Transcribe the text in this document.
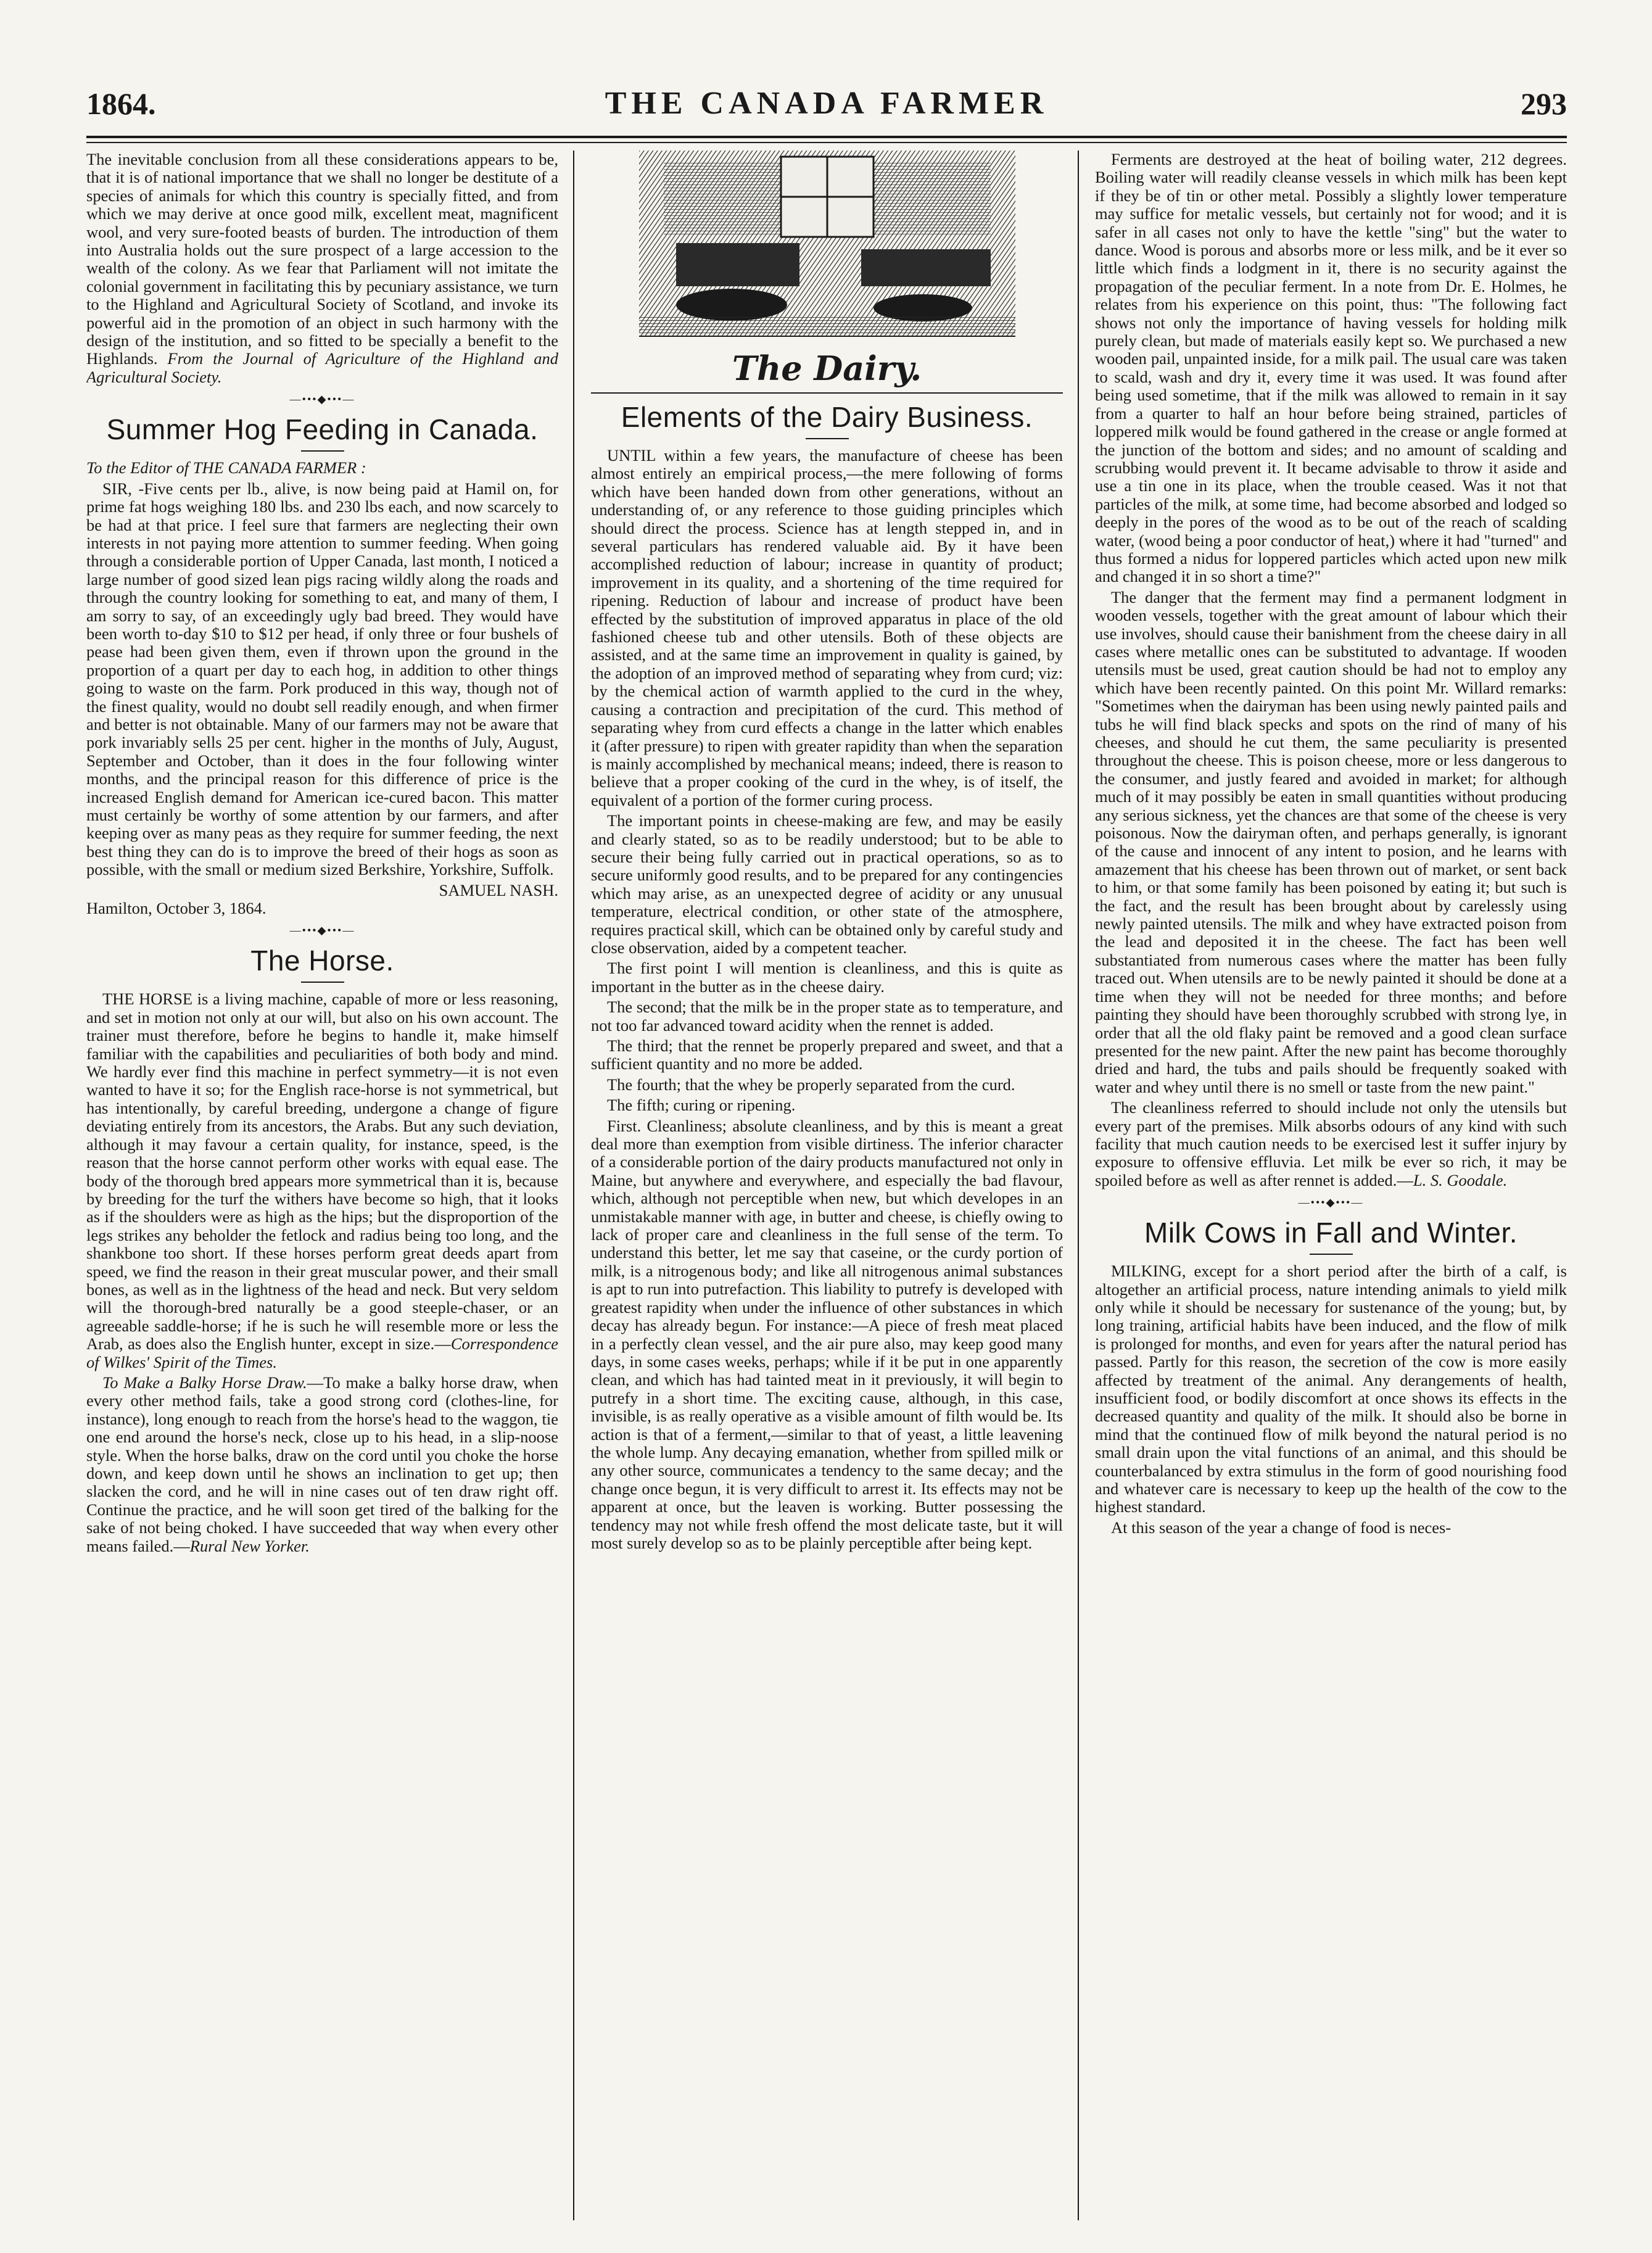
THE CANADA FARMER
1864.	293

The inevitable conclusion from all these considerations appears to be, that it is of national importance that we shall no longer be destitute of a species of animals for which this country is specially fitted, and from which we may derive at once good milk, excellent meat, magnificent wool, and very sure-footed beasts of burden. The introduction of them into Australia holds out the sure prospect of a large accession to the wealth of the colony. As we fear that Parliament will not imitate the colonial government in facilitating this by pecuniary assistance, we turn to the Highland and Agricultural Society of Scotland, and invoke its powerful aid in the promotion of an object in such harmony with the design of the institution, and so fitted to be specially a benefit to the Highlands. From the Journal of Agriculture of the Highland and Agricultural Society.

—•••◆•••—
Summer Hog Feeding in Canada.

To the Editor of THE CANADA FARMER :

SIR, -Five cents per lb., alive, is now being paid at Hamil on, for prime fat hogs weighing 180 lbs. and 230 lbs each, and now scarcely to be had at that price. I feel sure that farmers are neglecting their own interests in not paying more attention to summer feeding. When going through a considerable portion of Upper Canada, last month, I noticed a large number of good sized lean pigs racing wildly along the roads and through the country looking for something to eat, and many of them, I am sorry to say, of an exceedingly ugly bad breed. They would have been worth to-day $10 to $12 per head, if only three or four bushels of pease had been given them, even if thrown upon the ground in the proportion of a quart per day to each hog, in addition to other things going to waste on the farm. Pork produced in this way, though not of the finest quality, would no doubt sell readily enough, and when firmer and better is not obtainable. Many of our farmers may not be aware that pork invariably sells 25 per cent. higher in the months of July, August, September and October, than it does in the four following winter months, and the principal reason for this difference of price is the increased English demand for American ice-cured bacon. This matter must certainly be worthy of some attention by our farmers, and after keeping over as many peas as they require for summer feeding, the next best thing they can do is to improve the breed of their hogs as soon as possible, with the small or medium sized Berkshire, Yorkshire, Suffolk.

SAMUEL NASH.

Hamilton, October 3, 1864.

—•••◆•••—
The Horse.

THE HORSE is a living machine, capable of more or less reasoning, and set in motion not only at our will, but also on his own account. The trainer must therefore, before he begins to handle it, make himself familiar with the capabilities and peculiarities of both body and mind. We hardly ever find this machine in perfect symmetry—it is not even wanted to have it so; for the English race-horse is not symmetrical, but has intentionally, by careful breeding, undergone a change of figure deviating entirely from its ancestors, the Arabs. But any such deviation, although it may favour a certain quality, for instance, speed, is the reason that the horse cannot perform other works with equal ease. The body of the thorough bred appears more symmetrical than it is, because by breeding for the turf the withers have become so high, that it looks as if the shoulders were as high as the hips; but the disproportion of the legs strikes any beholder the fetlock and radius being too long, and the shankbone too short. If these horses perform great deeds apart from speed, we find the reason in their great muscular power, and their small bones, as well as in the lightness of the head and neck. But very seldom will the thorough-bred naturally be a good steeple-chaser, or an agreeable saddle-horse; if he is such he will resemble more or less the Arab, as does also the English hunter, except in size.—Correspondence of Wilkes' Spirit of the Times.

To Make a Balky Horse Draw.—To make a balky horse draw, when every other method fails, take a good strong cord (clothes-line, for instance), long enough to reach from the horse's head to the waggon, tie one end around the horse's neck, close up to his head, in a slip-noose style. When the horse balks, draw on the cord until you choke the horse down, and keep down until he shows an inclination to get up; then slacken the cord, and he will in nine cases out of ten draw right off. Continue the practice, and he will soon get tired of the balking for the sake of not being choked. I have succeeded that way when every other means failed.—Rural New Yorker.

The Dairy.
Elements of the Dairy Business.

UNTIL within a few years, the manufacture of cheese has been almost entirely an empirical process,—the mere following of forms which have been handed down from other generations, without an understanding of, or any reference to those guiding principles which should direct the process. Science has at length stepped in, and in several particulars has rendered valuable aid. By it have been accomplished reduction of labour; increase in quantity of product; improvement in its quality, and a shortening of the time required for ripening. Reduction of labour and increase of product have been effected by the substitution of improved apparatus in place of the old fashioned cheese tub and other utensils. Both of these objects are assisted, and at the same time an improvement in quality is gained, by the adoption of an improved method of separating whey from curd; viz: by the chemical action of warmth applied to the curd in the whey, causing a contraction and precipitation of the curd. This method of separating whey from curd effects a change in the latter which enables it (after pressure) to ripen with greater rapidity than when the separation is mainly accomplished by mechanical means; indeed, there is reason to believe that a proper cooking of the curd in the whey, is of itself, the equivalent of a portion of the former curing process.

The important points in cheese-making are few, and may be easily and clearly stated, so as to be readily understood; but to be able to secure their being fully carried out in practical operations, so as to secure uniformly good results, and to be prepared for any contingencies which may arise, as an unexpected degree of acidity or any unusual temperature, electrical condition, or other state of the atmosphere, requires practical skill, which can be obtained only by careful study and close observation, aided by a competent teacher.

The first point I will mention is cleanliness, and this is quite as important in the butter as in the cheese dairy.

The second; that the milk be in the proper state as to temperature, and not too far advanced toward acidity when the rennet is added.

The third; that the rennet be properly prepared and sweet, and that a sufficient quantity and no more be added.

The fourth; that the whey be properly separated from the curd.

The fifth; curing or ripening.

First. Cleanliness; absolute cleanliness, and by this is meant a great deal more than exemption from visible dirtiness. The inferior character of a considerable portion of the dairy products manufactured not only in Maine, but anywhere and everywhere, and especially the bad flavour, which, although not perceptible when new, but which developes in an unmistakable manner with age, in butter and cheese, is chiefly owing to lack of proper care and cleanliness in the full sense of the term. To understand this better, let me say that caseine, or the curdy portion of milk, is a nitrogenous body; and like all nitrogenous animal substances is apt to run into putrefaction. This liability to putrefy is developed with greatest rapidity when under the influence of other substances in which decay has already begun. For instance:—A piece of fresh meat placed in a perfectly clean vessel, and the air pure also, may keep good many days, in some cases weeks, perhaps; while if it be put in one apparently clean, and which has had tainted meat in it previously, it will begin to putrefy in a short time. The exciting cause, although, in this case, invisible, is as really operative as a visible amount of filth would be. Its action is that of a ferment,—similar to that of yeast, a little leavening the whole lump. Any decaying emanation, whether from spilled milk or any other source, communicates a tendency to the same decay; and the change once begun, it is very difficult to arrest it. Its effects may not be apparent at once, but the leaven is working. Butter possessing the tendency may not while fresh offend the most delicate taste, but it will most surely develop so as to be plainly perceptible after being kept.

Ferments are destroyed at the heat of boiling water, 212 degrees. Boiling water will readily cleanse vessels in which milk has been kept if they be of tin or other metal. Possibly a slightly lower temperature may suffice for metalic vessels, but certainly not for wood; and it is safer in all cases not only to have the kettle "sing" but the water to dance. Wood is porous and absorbs more or less milk, and be it ever so little which finds a lodgment in it, there is no security against the propagation of the peculiar ferment. In a note from Dr. E. Holmes, he relates from his experience on this point, thus: "The following fact shows not only the importance of having vessels for holding milk purely clean, but made of materials easily kept so. We purchased a new wooden pail, unpainted inside, for a milk pail. The usual care was taken to scald, wash and dry it, every time it was used. It was found after being used sometime, that if the milk was allowed to remain in it say from a quarter to half an hour before being strained, particles of loppered milk would be found gathered in the crease or angle formed at the junction of the bottom and sides; and no amount of scalding and scrubbing would prevent it. It became advisable to throw it aside and use a tin one in its place, when the trouble ceased. Was it not that particles of the milk, at some time, had become absorbed and lodged so deeply in the pores of the wood as to be out of the reach of scalding water, (wood being a poor conductor of heat,) where it had "turned" and thus formed a nidus for loppered particles which acted upon new milk and changed it in so short a time?"

The danger that the ferment may find a permanent lodgment in wooden vessels, together with the great amount of labour which their use involves, should cause their banishment from the cheese dairy in all cases where metallic ones can be substituted to advantage. If wooden utensils must be used, great caution should be had not to employ any which have been recently painted. On this point Mr. Willard remarks: "Sometimes when the dairyman has been using newly painted pails and tubs he will find black specks and spots on the rind of many of his cheeses, and should he cut them, the same peculiarity is presented throughout the cheese. This is poison cheese, more or less dangerous to the consumer, and justly feared and avoided in market; for although much of it may possibly be eaten in small quantities without producing any serious sickness, yet the chances are that some of the cheese is very poisonous. Now the dairyman often, and perhaps generally, is ignorant of the cause and innocent of any intent to posion, and he learns with amazement that his cheese has been thrown out of market, or sent back to him, or that some family has been poisoned by eating it; but such is the fact, and the result has been brought about by carelessly using newly painted utensils. The milk and whey have extracted poison from the lead and deposited it in the cheese. The fact has been well substantiated from numerous cases where the matter has been fully traced out. When utensils are to be newly painted it should be done at a time when they will not be needed for three months; and before painting they should have been thoroughly scrubbed with strong lye, in order that all the old flaky paint be removed and a good clean surface presented for the new paint. After the new paint has become thoroughly dried and hard, the tubs and pails should be frequently soaked with water and whey until there is no smell or taste from the new paint."

The cleanliness referred to should include not only the utensils but every part of the premises. Milk absorbs odours of any kind with such facility that much caution needs to be exercised lest it suffer injury by exposure to offensive effluvia. Let milk be ever so rich, it may be spoiled before as well as after rennet is added.—L. S. Goodale.

—•••◆•••—
Milk Cows in Fall and Winter.

MILKING, except for a short period after the birth of a calf, is altogether an artificial process, nature intending animals to yield milk only while it should be necessary for sustenance of the young; but, by long training, artificial habits have been induced, and the flow of milk is prolonged for months, and even for years after the natural period has passed. Partly for this reason, the secretion of the cow is more easily affected by treatment of the animal. Any derangements of health, insufficient food, or bodily discomfort at once shows its effects in the decreased quantity and quality of the milk. It should also be borne in mind that the continued flow of milk beyond the natural period is no small drain upon the vital functions of an animal, and this should be counterbalanced by extra stimulus in the form of good nourishing food and whatever care is necessary to keep up the health of the cow to the highest standard.

At this season of the year a change of food is neces-
